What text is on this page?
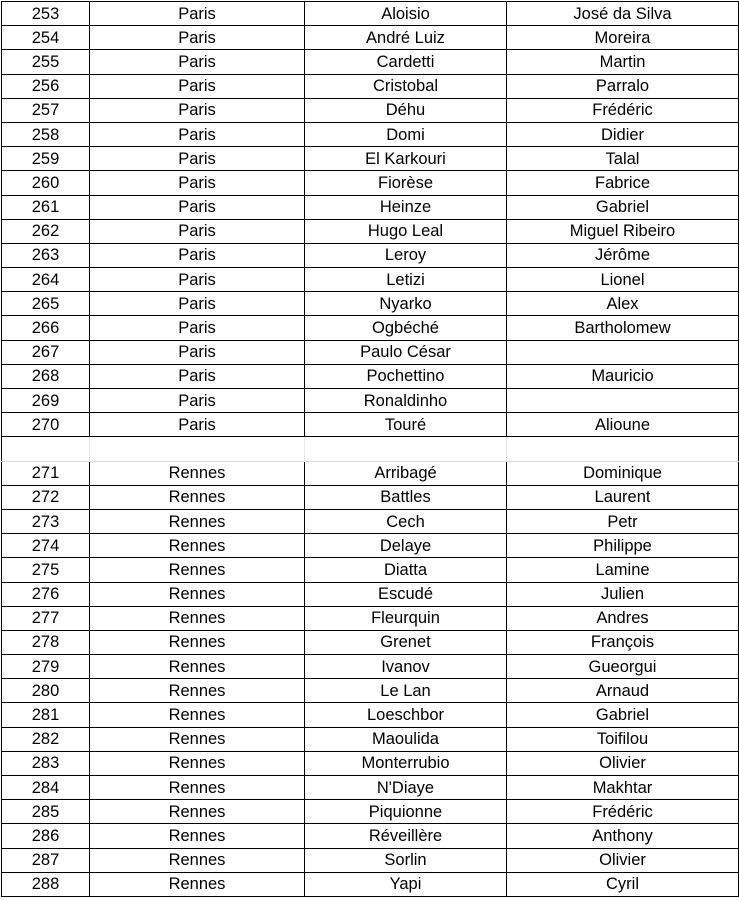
253	Paris	Aloisio	José da Silva
254	Paris	André Luiz	Moreira
255	Paris	Cardetti	Martin
256	Paris	Cristobal	Parralo
257	Paris	Déhu	Frédéric
258	Paris	Domi	Didier
259	Paris	El Karkouri	Talal
260	Paris	Fiorèse	Fabrice
261	Paris	Heinze	Gabriel
262	Paris	Hugo Leal	Miguel Ribeiro
263	Paris	Leroy	Jérôme
264	Paris	Letizi	Lionel
265	Paris	Nyarko	Alex
266	Paris	Ogbéché	Bartholomew
267	Paris	Paulo César	
268	Paris	Pochettino	Mauricio
269	Paris	Ronaldinho	
270	Paris	Touré	Alioune

271	Rennes	Arribagé	Dominique
272	Rennes	Battles	Laurent
273	Rennes	Cech	Petr
274	Rennes	Delaye	Philippe
275	Rennes	Diatta	Lamine
276	Rennes	Escudé	Julien
277	Rennes	Fleurquin	Andres
278	Rennes	Grenet	François
279	Rennes	Ivanov	Gueorgui
280	Rennes	Le Lan	Arnaud
281	Rennes	Loeschbor	Gabriel
282	Rennes	Maoulida	Toifilou
283	Rennes	Monterrubio	Olivier
284	Rennes	N'Diaye	Makhtar
285	Rennes	Piquionne	Frédéric
286	Rennes	Réveillère	Anthony
287	Rennes	Sorlin	Olivier
288	Rennes	Yapi	Cyril
